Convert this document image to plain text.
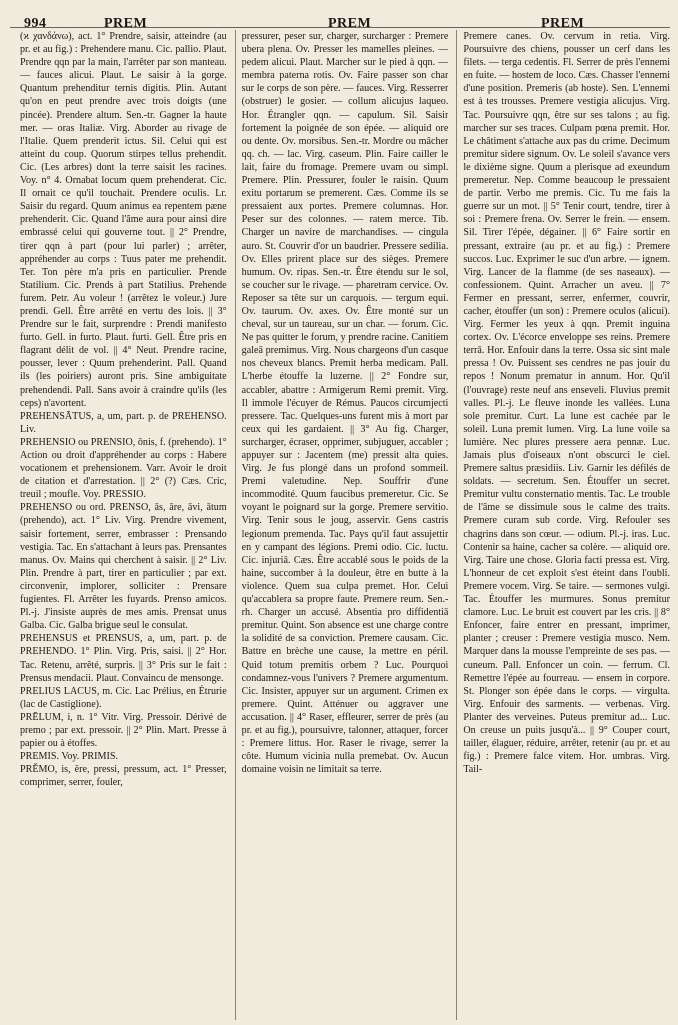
994	PREM	PREM	PREM

(ϰ χανδάνω), act. 1° Prendre, saisir, atteindre (au pr. et au fig.) : Prehendere manu. Cic. pallio. Plaut. Prendre qqn par la main, l'arrêter par son manteau. — fauces alicui. Plaut. Le saisir à la gorge. Quantum prehenditur ternis digitis. Plin. Autant qu'on en peut prendre avec trois doigts (une pincée). Prendere altum. Sen.-tr. Gagner la haute mer. — oras Italiæ. Virg. Aborder au rivage de l'Italie. Quem prenderit ictus. Sil. Celui qui est atteint du coup. Quorum stirpes tellus prehendit. Cic. (Les arbres) dont la terre saisit les racines. Voy. n° 4. Ornabat locum quem prehenderat. Cic. Il ornait ce qu'il touchait. Prendere oculis. Lr. Saisir du regard. Quum animus ea repentem pæne prehenderit. Cic. Quand l'âme aura pour ainsi dire embrassé celui qui gouverne tout. || 2° Prendre, tirer qqn à part (pour lui parler) ; arrêter, appréhender au corps : Tuus pater me prehendit. Ter. Ton père m'a pris en particulier. Prende Statilium. Cic. Prends à part Statilius. Prehende furem. Petr. Au voleur ! (arrêtez le voleur.) Jure prendi. Gell. Être arrêté en vertu des lois. || 3° Prendre sur le fait, surprendre : Prendi manifesto furto. Gell. in furto. Plaut. furti. Gell. Être pris en flagrant délit de vol. || 4° Neut. Prendre racine, pousser, lever : Quum prehenderint. Pall. Quand ils (les poiriers) auront pris. Sine ambiguitate prehendendi. Pall. Sans avoir à craindre qu'ils (les ceps) n'avortent.

PREHENSĀTUS, a, um, part. p. de PREHENSO. Liv.

PREHENSIO ou PRENSIO, ōnis, f. (prehendo). 1° Action ou droit d'appréhender au corps : Habere vocationem et prehensionem. Varr. Avoir le droit de citation et d'arrestation. || 2° (?) Cæs. Cric, treuil ; moufle. Voy. PRESSIO.

PREHENSO ou ord. PRENSO, ās, āre, āvi, ātum (prehendo), act. 1° Liv. Virg. Prendre vivement, saisir fortement, serrer, embrasser : Prensando vestigia. Tac. En s'attachant à leurs pas. Prensantes manus. Ov. Mains qui cherchent à saisir. || 2° Liv. Plin. Prendre à part, tirer en particulier ; par ext. circonvenir, implorer, solliciter : Prensare fugientes. Fl. Arrêter les fuyards. Prenso amicos. Pl.-j. J'insiste auprès de mes amis. Prensat unus Galba. Cic. Galba brigue seul le consulat.

PREHENSUS et PRENSUS, a, um, part. p. de PREHENDO. 1° Plin. Virg. Pris, saisi. || 2° Hor. Tac. Retenu, arrêté, surpris. || 3° Pris sur le fait : Prensus mendacii. Plaut. Convaincu de mensonge.

PRELIUS LACUS, m. Cic. Lac Prélius, en Étrurie (lac de Castiglione).

PRĒLUM, i, n. 1° Vitr. Virg. Pressoir. Dérivé de premo ; par ext. pressoir. || 2° Plin. Mart. Presse à papier ou à étoffes.

PREMIS. Voy. PRIMIS.

PRĔMO, is, ĕre, pressi, pressum, act. 1° Presser, comprimer, serrer, fouler,

pressurer, peser sur, charger, surcharger : Premere ubera plena. Ov. Presser les mamelles pleines. — pedem alicui. Plaut. Marcher sur le pied à qqn. — membra paterna rotis. Ov. Faire passer son char sur le corps de son père. — fauces. Virg. Resserrer (obstruer) le gosier. — collum alicujus laqueo. Hor. Étrangler qqn. — capulum. Sil. Saisir fortement la poignée de son épée. — aliquid ore ou dente. Ov. morsibus. Sen.-tr. Mordre ou mâcher qq. ch. — lac. Virg. caseum. Plin. Faire cailler le lait, faire du fromage. Premere uvam ou simpl. Premere. Plin. Pressurer, fouler le raisin. Quum exitu portarum se premerent. Cæs. Comme ils se pressaient aux portes. Premere columnas. Hor. Peser sur des colonnes. — ratem merce. Tib. Charger un navire de marchandises. — cingula auro. St. Couvrir d'or un baudrier. Pressere sedilia. Ov. Elles prirent place sur des sièges. Premere humum. Ov. ripas. Sen.-tr. Être étendu sur le sol, se coucher sur le rivage. — pharetram cervice. Ov. Reposer sa tête sur un carquois. — tergum equi. Ov. taurum. Ov. axes. Ov. Être monté sur un cheval, sur un taureau, sur un char. — forum. Cic. Ne pas quitter le forum, y prendre racine. Canitiem galeā premimus. Virg. Nous chargeons d'un casque nos cheveux blancs. Premit herba medicam. Pall. L'herbe étouffe la luzerne. || 2° Fondre sur, accabler, abattre : Armigerum Remi premit. Virg. Il immole l'écuyer de Rémus. Paucos circumjecti pressere. Tac. Quelques-uns furent mis à mort par ceux qui les gardaient. || 3° Au fig. Charger, surcharger, écraser, opprimer, subjuguer, accabler ; appuyer sur : Jacentem (me) pressit alta quies. Virg. Je fus plongé dans un profond sommeil. Premi valetudine. Nep. Souffrir d'une incommodité. Quum faucibus premeretur. Cic. Se voyant le poignard sur la gorge. Premere servitio. Virg. Tenir sous le joug, asservir. Gens castris legionum premenda. Tac. Pays qu'il faut assujettir en y campant des légions. Premi odio. Cic. luctu. Cic. injuriā. Cæs. Être accablé sous le poids de la haine, succomber à la douleur, être en butte à la violence. Quem sua culpa premet. Hor. Celui qu'accablera sa propre faute. Premere reum. Sen.-rh. Charger un accusé. Absentia pro diffidentiā premitur. Quint. Son absence est une charge contre la solidité de sa conviction. Premere causam. Cic. Battre en brèche une cause, la mettre en péril. Quid totum premitis orbem ? Luc. Pourquoi condamnez-vous l'univers ? Premere argumentum. Cic. Insister, appuyer sur un argument. Crimen ex premere. Quint. Atténuer ou aggraver une accusation. || 4° Raser, effleurer, serrer de près (au pr. et au fig.), poursuivre, talonner, attaquer, forcer : Premere littus. Hor. Raser le rivage, serrer la côte. Humum vicinia nulla premebat. Ov. Aucun domaine voisin ne limitait sa terre.

Premere canes. Ov. cervum in retia. Virg. Poursuivre des chiens, pousser un cerf dans les filets. — terga cedentis. Fl. Serrer de près l'ennemi en fuite. — hostem de loco. Cæs. Chasser l'ennemi d'une position. Premeris (ab hoste). Sen. L'ennemi est à tes trousses. Premere vestigia alicujus. Virg. Tac. Poursuivre qqn, être sur ses talons ; au fig. marcher sur ses traces. Culpam pœna premit. Hor. Le châtiment s'attache aux pas du crime. Decimum premitur sidere signum. Ov. Le soleil s'avance vers le dixième signe. Quum a plerisque ad exeundum premeretur. Nep. Comme beaucoup le pressaient de partir. Verbo me premis. Cic. Tu me fais la guerre sur un mot. || 5° Tenir court, tendre, tirer à soi : Premere frena. Ov. Serrer le frein. — ensem. Sil. Tirer l'épée, dégainer. || 6° Faire sortir en pressant, extraire (au pr. et au fig.) : Premere succos. Luc. Exprimer le suc d'un arbre. — ignem. Virg. Lancer de la flamme (de ses naseaux). — confessionem. Quint. Arracher un aveu. || 7° Fermer en pressant, serrer, enfermer, couvrir, cacher, étouffer (un son) : Premere oculos (alicui). Virg. Fermer les yeux à qqn. Premit inguina cortex. Ov. L'écorce enveloppe ses reins. Premere terrā. Hor. Enfouir dans la terre. Ossa sic sint male pressa ! Ov. Puissent ses cendres ne pas jouir du repos ! Nonum prematur in annum. Hor. Qu'il (l'ouvrage) reste neuf ans enseveli. Fluvius premit valles. Pl.-j. Le fleuve inonde les vallées. Luna sole premitur. Curt. La lune est cachée par le soleil. Luna premit lumen. Virg. La lune voile sa lumière. Nec plures pressere aera pennæ. Luc. Jamais plus d'oiseaux n'ont obscurci le ciel. Premere saltus præsidiis. Liv. Garnir les défilés de soldats. — secretum. Sen. Étouffer un secret. Premitur vultu consternatio mentis. Tac. Le trouble de l'âme se dissimule sous le calme des traits. Premere curam sub corde. Virg. Refouler ses chagrins dans son cœur. — odium. Pl.-j. iras. Luc. Contenir sa haine, cacher sa colère. — aliquid ore. Virg. Taire une chose. Gloria facti pressa est. Virg. L'honneur de cet exploit s'est éteint dans l'oubli. Premere vocem. Virg. Se taire. — sermones vulgi. Tac. Étouffer les murmures. Sonus premitur clamore. Luc. Le bruit est couvert par les cris. || 8° Enfoncer, faire entrer en pressant, imprimer, planter ; creuser : Premere vestigia musco. Nem. Marquer dans la mousse l'empreinte de ses pas. — cuneum. Pall. Enfoncer un coin. — ferrum. Cl. Remettre l'épée au fourreau. — ensem in corpore. St. Plonger son épée dans le corps. — virgulta. Virg. Enfouir des sarments. — verbenas. Virg. Planter des verveines. Puteus premitur ad... Luc. On creuse un puits jusqu'à... || 9° Couper court, tailler, élaguer, réduire, arrêter, retenir (au pr. et au fig.) : Premere falce vitem. Hor. umbras. Virg. Tail-
